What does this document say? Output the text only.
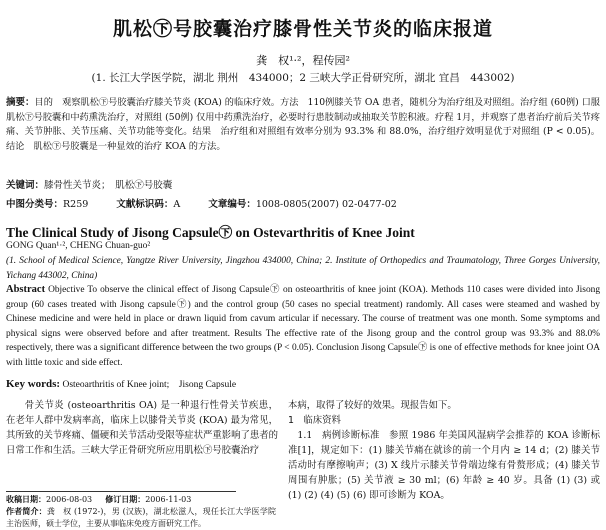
肌松㊦号胶囊治疗膝骨性关节炎的临床报道
龚　权¹·²，程传园²
(1. 长江大学医学院，湖北 荆州　434000；2 三峡大学正骨研究所，湖北 宜昌　443002)
摘要：目的　观察肌松㊦号胶囊治疗膝关节炎 (KOA) 的临床疗效。方法　110例膝关节 OA 患者，随机分为治疗组及对照组。治疗组 (60例) 口服肌松㊦号胶囊和中药熏洗治疗，对照组 (50例) 仅用中药熏洗治疗，必要时行患肢制动或抽取关节腔积液。疗程 1月，并观察了患者治疗前后关节疼痛、关节肿胀、关节压痛、关节功能等变化。结果　治疗组和对照组有效率分别为 93.3% 和 88.0%，治疗组疗效明显优于对照组 (P < 0.05)。结论　肌松㊦号胶囊是一种显效的治疗 KOA 的方法。
关键词：膝骨性关节炎；　肌松㊦号胶囊
中图分类号：R259	文献标识码：A	文章编号：1008-0805(2007) 02-0477-02
The Clinical Study of Jisong Capsule㊦ on Ostevarthritis of Knee Joint
GONG Quan¹·², CHENG Chuan-guo²
(1. School of Medical Science, Yangtze River University, Jingzhou 434000, China; 2. Institute of Orthopedics and Traumatology, Three Gorges University, Yichang 443002, China)
Abstract Objective To observe the clinical effect of Jisong Capsule㊦ on osteoarthritis of knee joint (KOA). Methods 110 cases were divided into Jisong group (60 cases treated with Jisong capsule㊦) and the control group (50 cases no special treatment) randomly. All cases were steamed and washed by Chinese medicine and were held in place or drawn liquid from cavum articular if necessary. The course of treatment was one month. Some symptoms and physical signs were observed before and after treatment. Results The effective rate of the Jisong group and the control group was 93.3% and 88.0% respectively, there was a significant difference between the two groups (P < 0.05). Conclusion Jisong Capsule㊦ is one of effective methods for knee joint OA with little toxic and side effect.
Key words: Osteoarthritis of Knee joint;　Jisong Capsule
骨关节炎 (osteoarthritis OA) 是一种退行性骨关节疾患，在老年人群中发病率高，临床上以膝骨关节炎 (KOA) 最为常见，其所致的关节疼痛、僵硬和关节活动受限等症状严重影响了患者的日常工作和生活。三峡大学正骨研究所应用肌松㊦号胶囊治疗
本病，取得了较好的效果。现报告如下。
1　临床资料
1.1　病例诊断标准　参照 1986 年美国风湿病学会推荐的 KOA 诊断标准[1]，规定如下：(1) 膝关节痛在就诊的前一个月内 ≥ 14 d；(2) 膝关节活动时有摩擦响声；(3) X 线片示膝关节骨端边缘有骨赘形成；(4) 膝关节周围有肿胀；(5) 关节液 ≥ 30 ml；(6) 年龄 ≥ 40 岁。具备 (1) (3) 或 (1) (2) (4) (5) (6) 即可诊断为 KOA。
收稿日期：2006-08-03 修订日期：2006-11-03
作者简介：龚　权 (1972-)，男 (汉族)，湖北松滋人，现任长江大学医学院主治医师，硕士学位，主要从事临床免疫方面研究工作。
